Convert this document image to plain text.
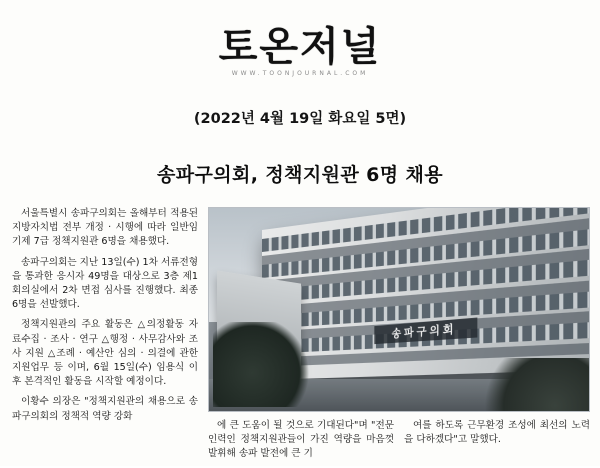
토온저널
WWW.TOONJOURNAL.COM
(2022년 4월 19일 화요일 5면)
송파구의회, 정책지원관 6명 채용

서울특별시 송파구의회는 올해부터 적용된 지방자치법 전부 개정 · 시행에 따라 일반임기제 7급 정책지원관 6명을 채용했다.

송파구의회는 지난 13일(수) 1차 서류전형을 통과한 응시자 49명을 대상으로 3층 제1회의실에서 2차 면접 심사를 진행했다. 최종 6명을 선발했다.

정책지원관의 주요 활동은 △의정활동 자료수집 · 조사 · 연구 △행정 · 사무감사와 조사 지원 △조례 · 예산안 심의 · 의결에 관한 지원업무 등 이며, 6월 15일(수) 임용식 이후 본격적인 활동을 시작할 예정이다.

이황수 의장은 "정책지원관의 채용으로 송파구의회의 정책적 역량 강화

송파구의회

에 큰 도움이 될 것으로 기대된다"며 "전문인력인 정책지원관들이 가진 역량을 마음껏 발휘해 송파 발전에 큰 기

여를 하도록 근무환경 조성에 최선의 노력을 다하겠다"고 말했다.
